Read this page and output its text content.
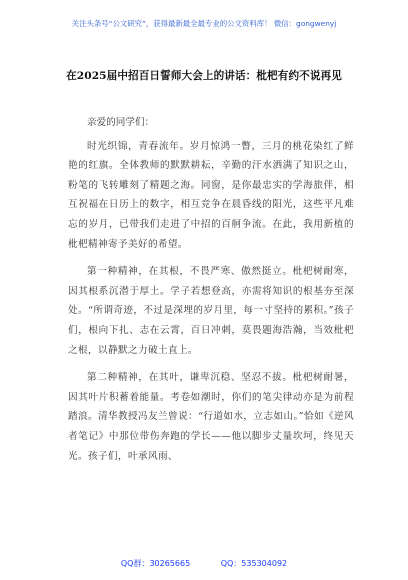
关注头条号“公文研究”，获得最新最全最专业的公文资料库！ 微信：gongwenyj
在2025届中招百日誓师大会上的讲话：枇杷有约不说再见

亲爱的同学们：

时光织锦，青春流年。岁月惊鸿一瞥，三月的桃花染红了鲜艳的红旗。全体教师的默默耕耘，辛勤的汗水洒满了知识之山，粉笔的飞转雕刻了精题之海。同窗，是你最忠实的学海旅伴，相互祝福在日历上的数字，相互竞争在晨昏线的阳光，这些平凡难忘的岁月，已带我们走进了中招的百舸争流。在此，我用新植的枇杷精神寄予美好的希望。

第一种精神，在其根，不畏严寒、傲然挺立。枇杷树耐寒，因其根系沉潜于厚土。学子若想登高，亦需将知识的根基夯至深处。“所谓奇迹，不过是深埋的岁月里，每一寸坚持的累积。”孩子们，根向下扎、志在云霄，百日冲刺，莫畏题海浩瀚，当效枇杷之根，以静默之力破土直上。

第二种精神，在其叶，谦卑沉稳、坚忍不拔。枇杷树耐暑，因其叶片积蓄着能量。考卷如潮时，你们的笔尖律动亦是为前程踏浪。清华教授冯友兰曾说：“行道如水，立志如山。”恰如《逆风者笔记》中那位带伤奔跑的学长——他以脚步丈量坎坷，终见天光。孩子们，叶承风雨、

QQ群：30265665	QQ：535304092
